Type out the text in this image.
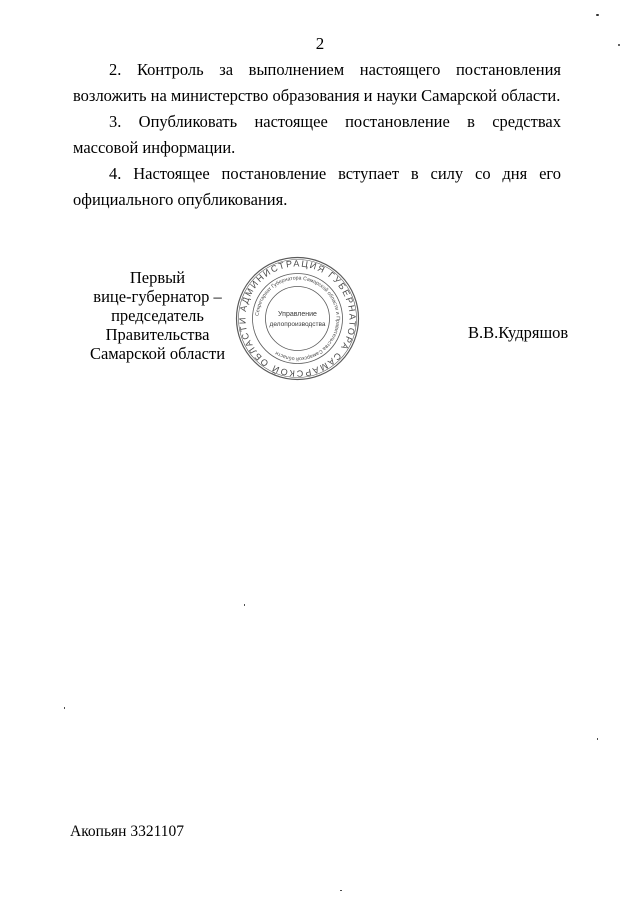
2

2. Контроль за выполнением настоящего постановления возложить на министерство образования и науки Самарской области.

3. Опубликовать настоящее постановление в средствах массовой информации.

4. Настоящее постановление вступает в силу со дня его официального опубликования.

АДМИНИСТРАЦИЯ ГУБЕРНАТОРА САМАРСКОЙ ОБЛАСТИ
Секретариат Губернатора Самарской области и Правительства Самарской области
Управление
делопроизводства
Первый
вице-губернатор –
председатель Правительства
Самарской области
В.В.Кудряшов
Акопьян 3321107
